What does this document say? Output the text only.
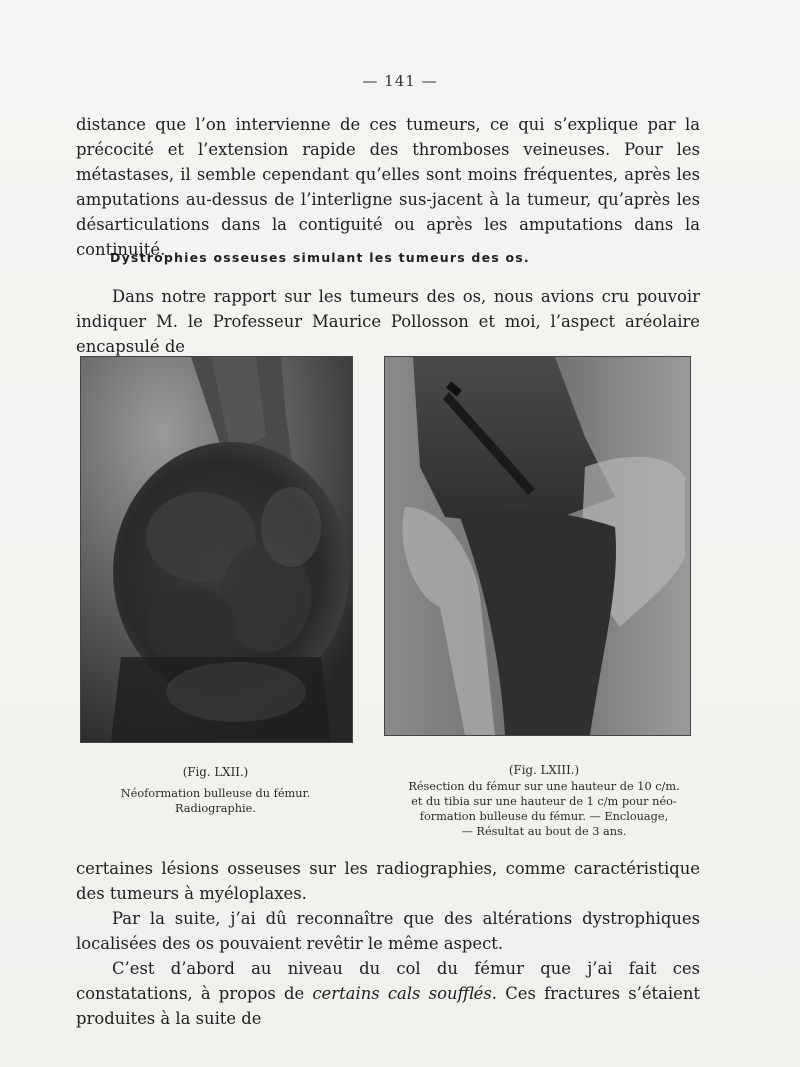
— 141 —
distance que l’on intervienne de ces tumeurs, ce qui s’explique par la précocité et l’extension rapide des thromboses veineuses. Pour les métastases, il semble cependant qu’elles sont moins fréquentes, après les amputations au-dessus de l’interligne sus-jacent à la tumeur, qu’après les désarticulations dans la contiguité ou après les amputations dans la continuité.
Dystrophies osseuses simulant les tumeurs des os.
Dans notre rapport sur les tumeurs des os, nous avions cru pouvoir indiquer M. le Professeur Maurice Pollosson et moi, l’aspect aréolaire encapsulé de
(Fig. LXII.)
Néoformation bulleuse du fémur.
Radiographie.
(Fig. LXIII.)
Résection du fémur sur une hauteur de 10 c/m.
et du tibia sur une hauteur de 1 c/m pour néo-
formation bulleuse du fémur. — Enclouage,
— Résultat au bout de 3 ans.
certaines lésions osseuses sur les radiographies, comme caractéristique des tumeurs à myéloplaxes.
Par la suite, j’ai dû reconnaître que des altérations dystrophiques localisées des os pouvaient revêtir le même aspect.
C’est d’abord au niveau du col du fémur que j’ai fait ces constatations, à propos de certains cals soufflés. Ces fractures s’étaient produites à la suite de
